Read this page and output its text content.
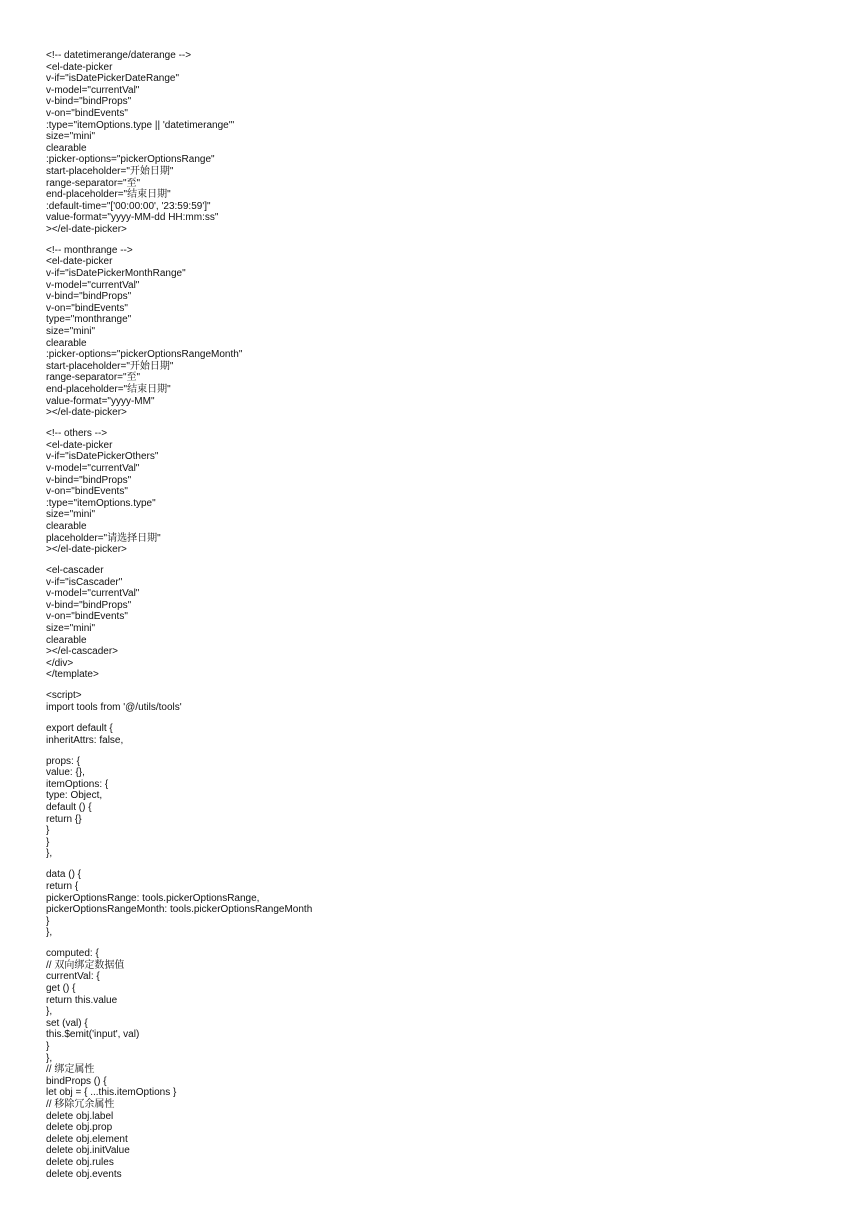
<!-- datetimerange/daterange -->
<el-date-picker
v-if="isDatePickerDateRange"
v-model="currentVal"
v-bind="bindProps"
v-on="bindEvents"
:type="itemOptions.type || 'datetimerange'"
size="mini"
clearable
:picker-options="pickerOptionsRange"
start-placeholder="开始日期"
range-separator="至"
end-placeholder="结束日期"
:default-time="['00:00:00', '23:59:59']"
value-format="yyyy-MM-dd HH:mm:ss"
></el-date-picker>
<!-- monthrange -->
<el-date-picker
v-if="isDatePickerMonthRange"
v-model="currentVal"
v-bind="bindProps"
v-on="bindEvents"
type="monthrange"
size="mini"
clearable
:picker-options="pickerOptionsRangeMonth"
start-placeholder="开始日期"
range-separator="至"
end-placeholder="结束日期"
value-format="yyyy-MM"
></el-date-picker>
<!-- others -->
<el-date-picker
v-if="isDatePickerOthers"
v-model="currentVal"
v-bind="bindProps"
v-on="bindEvents"
:type="itemOptions.type"
size="mini"
clearable
placeholder="请选择日期"
></el-date-picker>
<el-cascader
v-if="isCascader"
v-model="currentVal"
v-bind="bindProps"
v-on="bindEvents"
size="mini"
clearable
></el-cascader>
</div>
</template>
<script>
import tools from '@/utils/tools'
export default {
inheritAttrs: false,
props: {
value: {},
itemOptions: {
type: Object,
default () {
return {}
}
}
},
data () {
return {
pickerOptionsRange: tools.pickerOptionsRange,
pickerOptionsRangeMonth: tools.pickerOptionsRangeMonth
}
},
computed: {
// 双向绑定数据值
currentVal: {
get () {
return this.value
},
set (val) {
this.$emit('input', val)
}
},
// 绑定属性
bindProps () {
let obj = { ...this.itemOptions }
// 移除冗余属性
delete obj.label
delete obj.prop
delete obj.element
delete obj.initValue
delete obj.rules
delete obj.events
